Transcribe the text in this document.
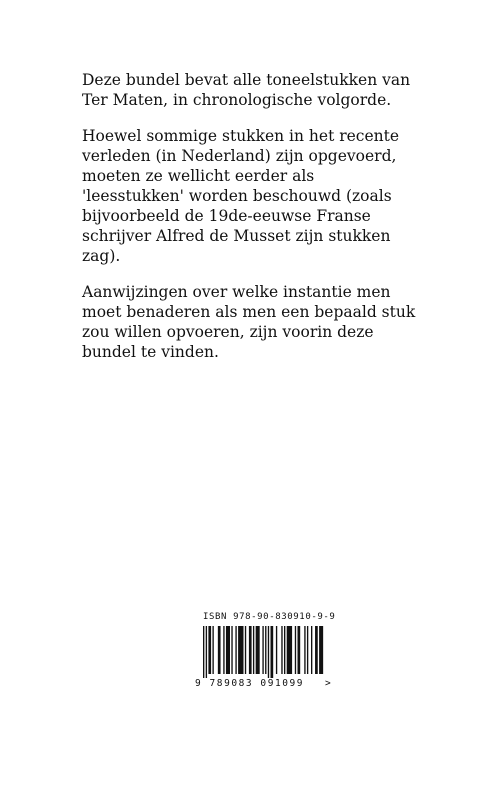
Deze bundel bevat alle toneelstukken van Ter Maten, in chronologische volgorde.

Hoewel sommige stukken in het recente verleden (in Nederland) zijn opgevoerd, moeten ze wellicht eerder als 'leesstukken' worden beschouwd (zoals bijvoorbeeld de 19de-eeuwse Franse schrijver Alfred de Musset zijn stukken zag).

Aanwijzingen over welke instantie men moet benaderen als men een bepaald stuk zou willen opvoeren, zijn voorin deze bundel te vinden.

ISBN 978-90-830910-9-9
9 789083 091099 >
